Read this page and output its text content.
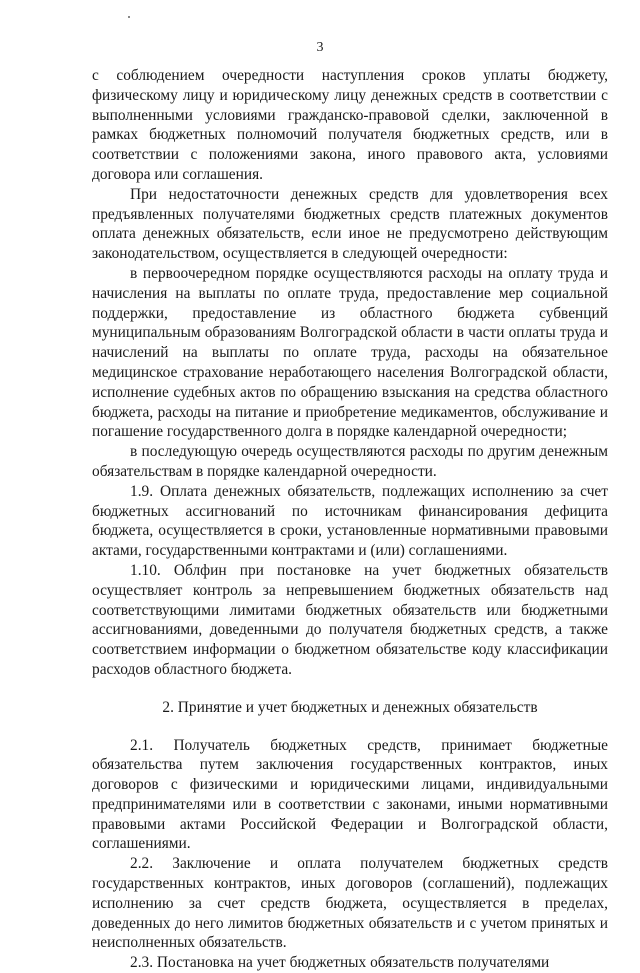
3

с соблюдением очередности наступления сроков уплаты бюджету, физическому лицу и юридическому лицу денежных средств в соответствии с выполненными условиями гражданско-правовой сделки, заключенной в рамках бюджетных полномочий получателя бюджетных средств, или в соответствии с положениями закона, иного правового акта, условиями договора или соглашения.

При недостаточности денежных средств для удовлетворения всех предъявленных получателями бюджетных средств платежных документов оплата денежных обязательств, если иное не предусмотрено действующим законодательством, осуществляется в следующей очередности:

в первоочередном порядке осуществляются расходы на оплату труда и начисления на выплаты по оплате труда, предоставление мер социальной поддержки, предоставление из областного бюджета субвенций муниципальным образованиям Волгоградской области в части оплаты труда и начислений на выплаты по оплате труда, расходы на обязательное медицинское страхование неработающего населения Волгоградской области, исполнение судебных актов по обращению взыскания на средства областного бюджета, расходы на питание и приобретение медикаментов, обслуживание и погашение государственного долга в порядке календарной очередности;

в последующую очередь осуществляются расходы по другим денежным обязательствам в порядке календарной очередности.

1.9. Оплата денежных обязательств, подлежащих исполнению за счет бюджетных ассигнований по источникам финансирования дефицита бюджета, осуществляется в сроки, установленные нормативными правовыми актами, государственными контрактами и (или) соглашениями.

1.10. Облфин при постановке на учет бюджетных обязательств осуществляет контроль за непревышением бюджетных обязательств над соответствующими лимитами бюджетных обязательств или бюджетными ассигнованиями, доведенными до получателя бюджетных средств, а также соответствием информации о бюджетном обязательстве коду классификации расходов областного бюджета.

2. Принятие и учет бюджетных и денежных обязательств

2.1. Получатель бюджетных средств, принимает бюджетные обязательства путем заключения государственных контрактов, иных договоров с физическими и юридическими лицами, индивидуальными предпринимателями или в соответствии с законами, иными нормативными правовыми актами Российской Федерации и Волгоградской области, соглашениями.

2.2. Заключение и оплата получателем бюджетных средств государственных контрактов, иных договоров (соглашений), подлежащих исполнению за счет средств бюджета, осуществляется в пределах, доведенных до него лимитов бюджетных обязательств и с учетом принятых и неисполненных обязательств.

2.3. Постановка на учет бюджетных обязательств получателями
